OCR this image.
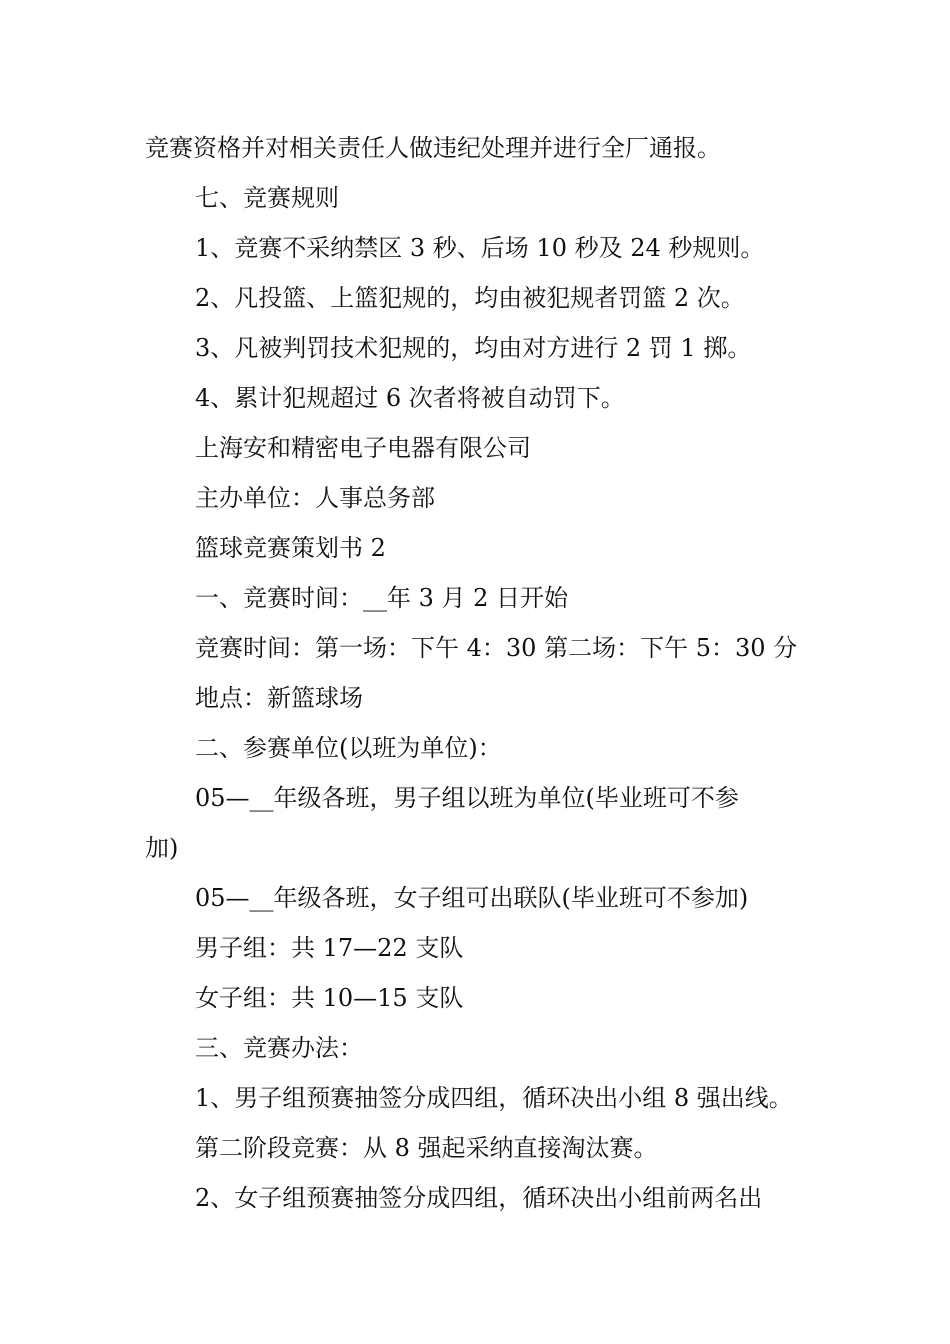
竞赛资格并对相关责任人做违纪处理并进行全厂通报。
七、竞赛规则
1、竞赛不采纳禁区 3 秒、后场 10 秒及 24 秒规则。
2、凡投篮、上篮犯规的，均由被犯规者罚篮 2 次。
3、凡被判罚技术犯规的，均由对方进行 2 罚 1 掷。
4、累计犯规超过 6 次者将被自动罚下。
上海安和精密电子电器有限公司
主办单位：人事总务部
篮球竞赛策划书 2
一、竞赛时间：__年 3 月 2 日开始
竞赛时间：第一场：下午 4：30 第二场：下午 5：30 分
地点：新篮球场
二、参赛单位(以班为单位)：
05—__年级各班，男子组以班为单位(毕业班可不参
加)
05—__年级各班，女子组可出联队(毕业班可不参加)
男子组：共 17—22 支队
女子组：共 10—15 支队
三、竞赛办法：
1、男子组预赛抽签分成四组，循环决出小组 8 强出线。
第二阶段竞赛：从 8 强起采纳直接淘汰赛。
2、女子组预赛抽签分成四组，循环决出小组前两名出
